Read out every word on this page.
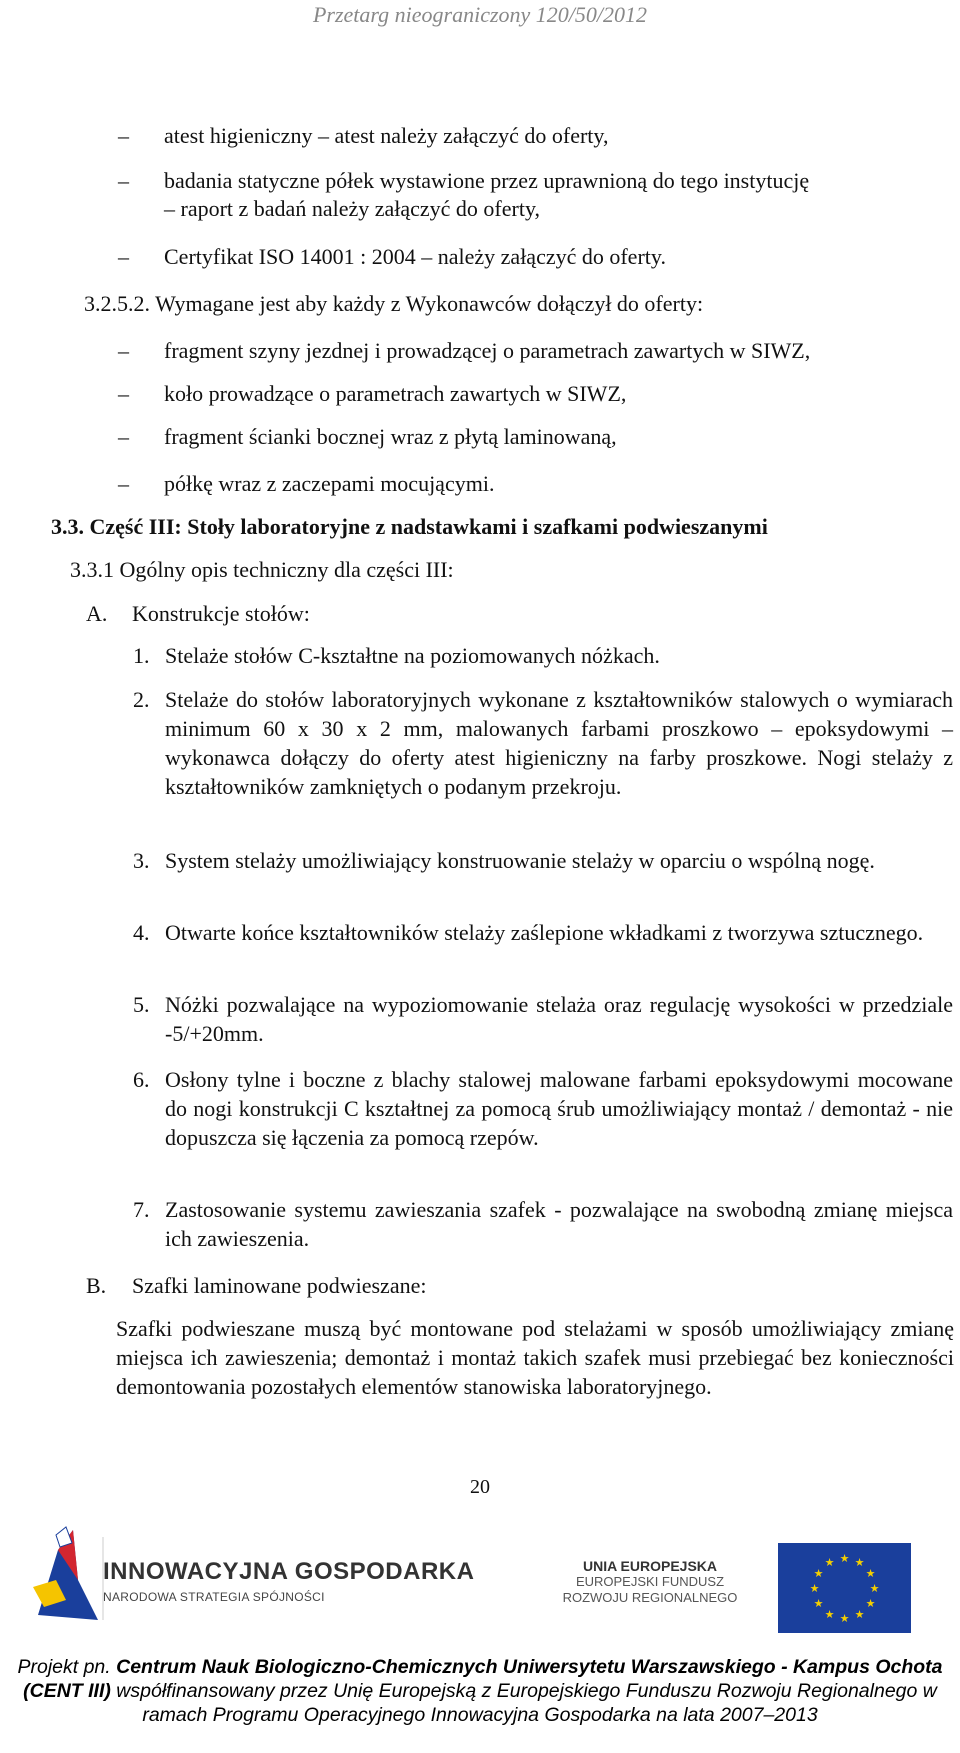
Przetarg nieograniczony 120/50/2012
–	atest higieniczny – atest należy załączyć do oferty,
–	badania statyczne półek wystawione przez uprawnioną do tego instytucję
– raport z badań należy załączyć do oferty,
–	Certyfikat ISO 14001 : 2004 – należy załączyć do oferty.
3.2.5.2. Wymagane jest aby każdy z Wykonawców dołączył do oferty:
–	fragment szyny jezdnej i prowadzącej o parametrach zawartych w SIWZ,
–	koło prowadzące o parametrach zawartych w SIWZ,
–	fragment ścianki bocznej wraz z płytą laminowaną,
–	półkę wraz z zaczepami mocującymi.
3.3. Część III: Stoły laboratoryjne z nadstawkami i szafkami podwieszanymi
3.3.1 Ogólny opis techniczny dla części III:
A. Konstrukcje stołów:
1. Stelaże stołów C-kształtne na poziomowanych nóżkach.
2. Stelaże do stołów laboratoryjnych wykonane z kształtowników stalowych o wymiarach minimum 60 x 30 x 2 mm, malowanych farbami proszkowo – epoksydowymi – wykonawca dołączy do oferty atest higieniczny na farby proszkowe. Nogi stelaży z kształtowników zamkniętych o podanym przekroju.
3. System stelaży umożliwiający konstruowanie stelaży w oparciu o wspólną nogę.
4. Otwarte końce kształtowników stelaży zaślepione wkładkami z tworzywa sztucznego.
5. Nóżki pozwalające na wypoziomowanie stelaża oraz regulację wysokości w przedziale -5/+20mm.
6. Osłony tylne i boczne z blachy stalowej malowane farbami epoksydowymi mocowane do nogi konstrukcji C kształtnej za pomocą śrub umożliwiający montaż / demontaż - nie dopuszcza się łączenia za pomocą rzepów.
7. Zastosowanie systemu zawieszania szafek - pozwalające na swobodną zmianę miejsca ich zawieszenia.
B. Szafki laminowane podwieszane:
Szafki podwieszane muszą być montowane pod stelażami w sposób umożliwiający zmianę miejsca ich zawieszenia; demontaż i montaż takich szafek musi przebiegać bez konieczności demontowania pozostałych elementów stanowiska laboratoryjnego.
20
INNOWACYJNA GOSPODARKA
NARODOWA STRATEGIA SPÓJNOŚCI
UNIA EUROPEJSKA
EUROPEJSKI FUNDUSZ
ROZWOJU REGIONALNEGO
★ ★
★
★
★
★
★
★
★
★
★
★
Projekt pn. Centrum Nauk Biologiczno-Chemicznych Uniwersytetu Warszawskiego - Kampus Ochota (CENT III) współfinansowany przez Unię Europejską z Europejskiego Funduszu Rozwoju Regionalnego w ramach Programu Operacyjnego Innowacyjna Gospodarka na lata 2007–2013
